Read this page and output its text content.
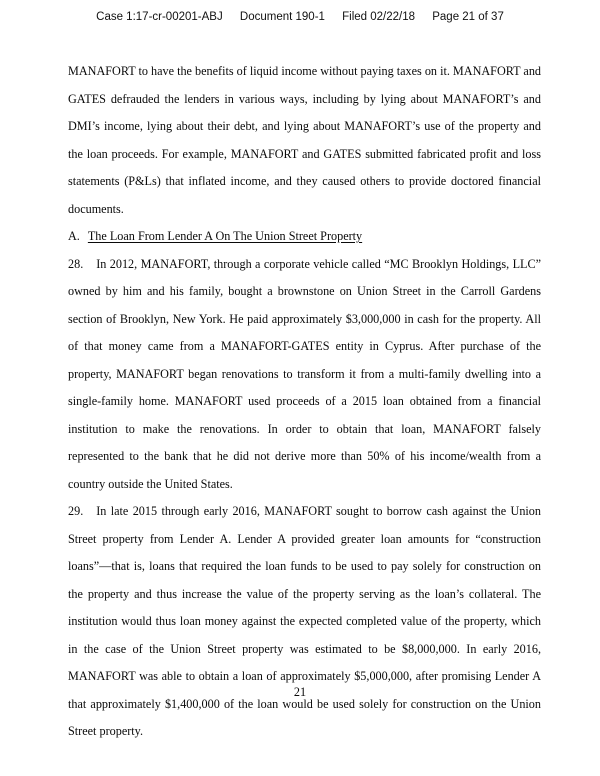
Case 1:17-cr-00201-ABJ Document 190-1 Filed 02/22/18 Page 21 of 37

MANAFORT to have the benefits of liquid income without paying taxes on it. MANAFORT and GATES defrauded the lenders in various ways, including by lying about MANAFORT’s and DMI’s income, lying about their debt, and lying about MANAFORT’s use of the property and the loan proceeds. For example, MANAFORT and GATES submitted fabricated profit and loss statements (P&Ls) that inflated income, and they caused others to provide doctored financial documents.

A. The Loan From Lender A On The Union Street Property

28. In 2012, MANAFORT, through a corporate vehicle called “MC Brooklyn Holdings, LLC” owned by him and his family, bought a brownstone on Union Street in the Carroll Gardens section of Brooklyn, New York. He paid approximately $3,000,000 in cash for the property. All of that money came from a MANAFORT-GATES entity in Cyprus. After purchase of the property, MANAFORT began renovations to transform it from a multi-family dwelling into a single-family home. MANAFORT used proceeds of a 2015 loan obtained from a financial institution to make the renovations. In order to obtain that loan, MANAFORT falsely represented to the bank that he did not derive more than 50% of his income/wealth from a country outside the United States.

29. In late 2015 through early 2016, MANAFORT sought to borrow cash against the Union Street property from Lender A. Lender A provided greater loan amounts for “construction loans”—that is, loans that required the loan funds to be used to pay solely for construction on the property and thus increase the value of the property serving as the loan’s collateral. The institution would thus loan money against the expected completed value of the property, which in the case of the Union Street property was estimated to be $8,000,000. In early 2016, MANAFORT was able to obtain a loan of approximately $5,000,000, after promising Lender A that approximately $1,400,000 of the loan would be used solely for construction on the Union Street property.

21
